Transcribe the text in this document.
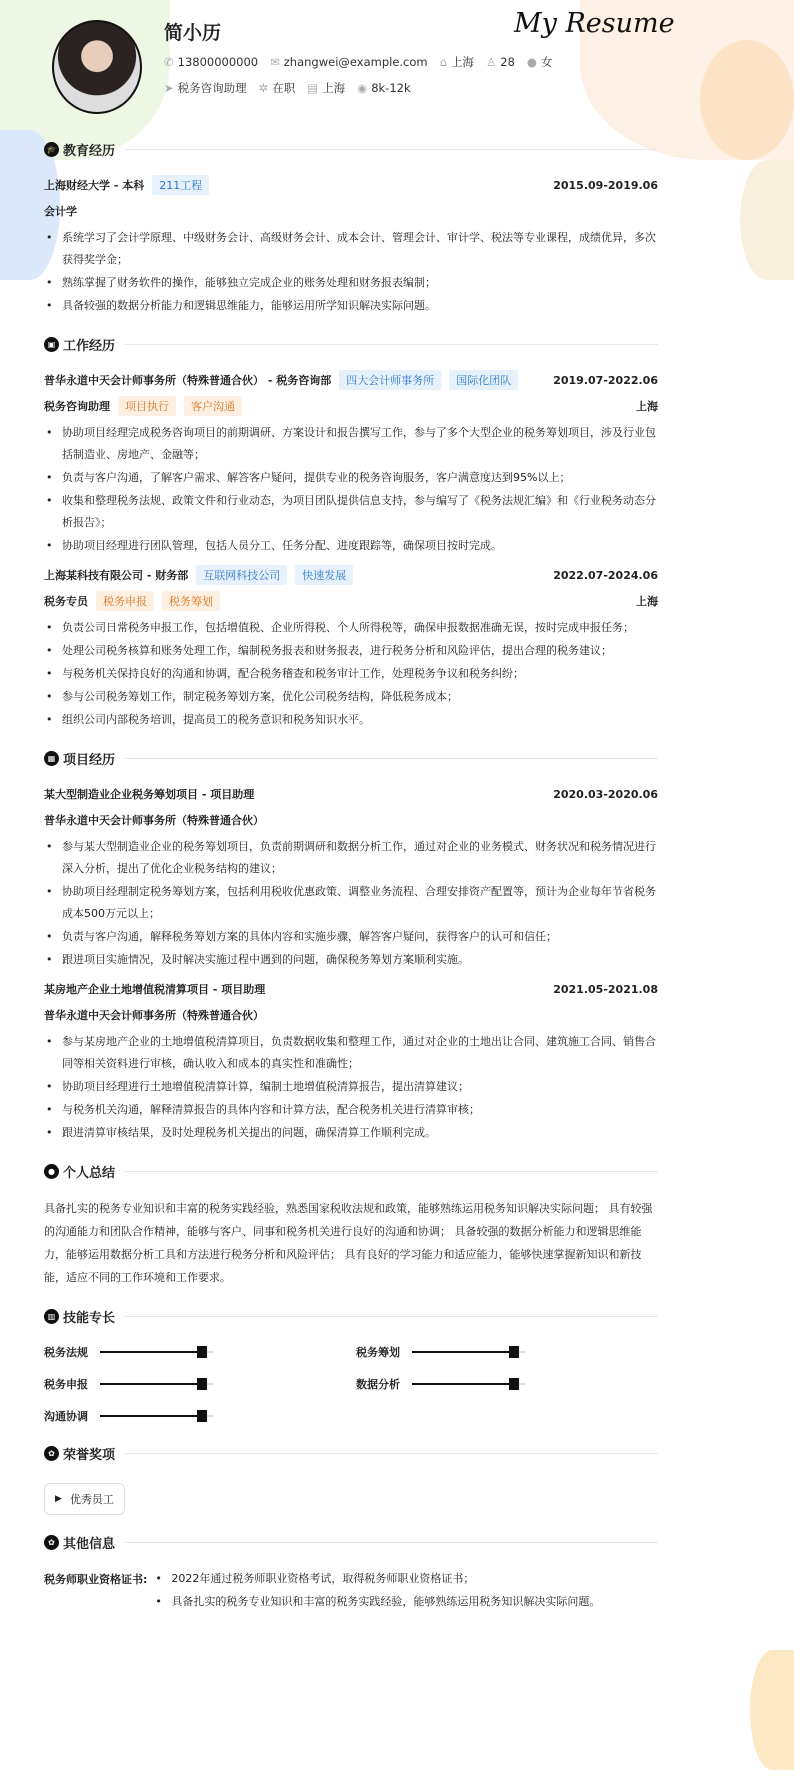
简小历	My Resume
✆ 13800000000 ✉ zhangwei@example.com ⌂ 上海 ♙ 28 ● 女
➤ 税务咨询助理 ✲ 在职 ▤ 上海 ◉ 8k-12k
🎓 教育经历
上海财经大学 - 本科	211工程	2015.09-2019.06
会计学
• 系统学习了会计学原理、中级财务会计、高级财务会计、成本会计、管理会计、审计学、税法等专业课程，成绩优异，多次获得奖学金；
• 熟练掌握了财务软件的操作，能够独立完成企业的账务处理和财务报表编制；
• 具备较强的数据分析能力和逻辑思维能力，能够运用所学知识解决实际问题。
▣ 工作经历
普华永道中天会计师事务所（特殊普通合伙） - 税务咨询部	四大会计师事务所	国际化团队	2019.07-2022.06
税务咨询助理	项目执行	客户沟通	上海
• 协助项目经理完成税务咨询项目的前期调研、方案设计和报告撰写工作，参与了多个大型企业的税务筹划项目，涉及行业包括制造业、房地产、金融等；
• 负责与客户沟通，了解客户需求、解答客户疑问，提供专业的税务咨询服务，客户满意度达到95%以上；
• 收集和整理税务法规、政策文件和行业动态，为项目团队提供信息支持，参与编写了《税务法规汇编》和《行业税务动态分析报告》；
• 协助项目经理进行团队管理，包括人员分工、任务分配、进度跟踪等，确保项目按时完成。
上海某科技有限公司 - 财务部	互联网科技公司	快速发展	2022.07-2024.06
税务专员	税务申报	税务筹划	上海
• 负责公司日常税务申报工作，包括增值税、企业所得税、个人所得税等，确保申报数据准确无误，按时完成申报任务；
• 处理公司税务核算和账务处理工作，编制税务报表和财务报表，进行税务分析和风险评估，提出合理的税务建议；
• 与税务机关保持良好的沟通和协调，配合税务稽查和税务审计工作，处理税务争议和税务纠纷；
• 参与公司税务筹划工作，制定税务筹划方案，优化公司税务结构，降低税务成本；
• 组织公司内部税务培训，提高员工的税务意识和税务知识水平。
▦ 项目经历
某大型制造业企业税务筹划项目 - 项目助理	2020.03-2020.06
普华永道中天会计师事务所（特殊普通合伙）
• 参与某大型制造业企业的税务筹划项目，负责前期调研和数据分析工作，通过对企业的业务模式、财务状况和税务情况进行深入分析，提出了优化企业税务结构的建议；
• 协助项目经理制定税务筹划方案，包括利用税收优惠政策、调整业务流程、合理安排资产配置等，预计为企业每年节省税务成本500万元以上；
• 负责与客户沟通，解释税务筹划方案的具体内容和实施步骤，解答客户疑问，获得客户的认可和信任；
• 跟进项目实施情况，及时解决实施过程中遇到的问题，确保税务筹划方案顺利实施。
某房地产企业土地增值税清算项目 - 项目助理	2021.05-2021.08
普华永道中天会计师事务所（特殊普通合伙）
• 参与某房地产企业的土地增值税清算项目，负责数据收集和整理工作，通过对企业的土地出让合同、建筑施工合同、销售合同等相关资料进行审核，确认收入和成本的真实性和准确性；
• 协助项目经理进行土地增值税清算计算，编制土地增值税清算报告，提出清算建议；
• 与税务机关沟通，解释清算报告的具体内容和计算方法，配合税务机关进行清算审核；
• 跟进清算审核结果，及时处理税务机关提出的问题，确保清算工作顺利完成。
● 个人总结
具备扎实的税务专业知识和丰富的税务实践经验，熟悉国家税收法规和政策，能够熟练运用税务知识解决实际问题； 具有较强的沟通能力和团队合作精神，能够与客户、同事和税务机关进行良好的沟通和协调； 具备较强的数据分析能力和逻辑思维能力，能够运用数据分析工具和方法进行税务分析和风险评估； 具有良好的学习能力和适应能力，能够快速掌握新知识和新技能，适应不同的工作环境和工作要求。
▥ 技能专长
税务法规	税务筹划
税务申报	数据分析
沟通协调
✿ 荣誉奖项
▶ 优秀员工
✿ 其他信息
税务师职业资格证书:	• 2022年通过税务师职业资格考试，取得税务师职业资格证书；
• 具备扎实的税务专业知识和丰富的税务实践经验，能够熟练运用税务知识解决实际问题。
